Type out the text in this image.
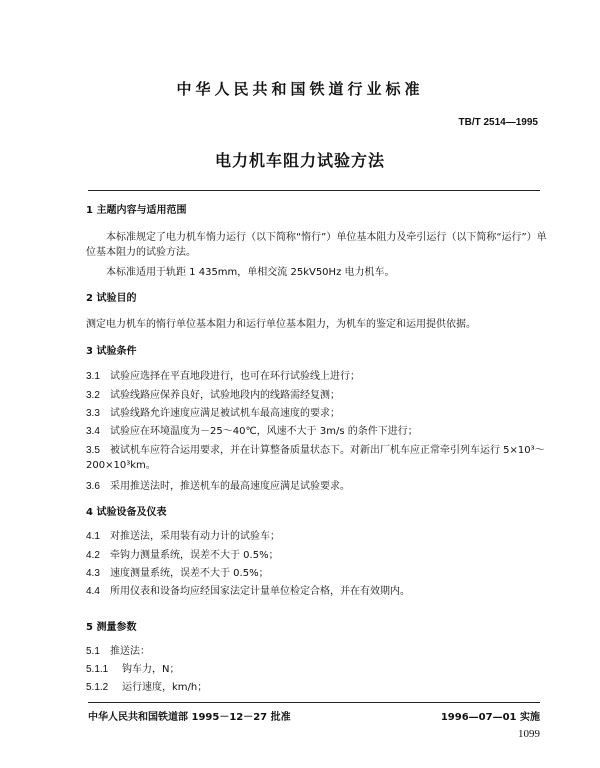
中华人民共和国铁道行业标准
TB/T 2514—1995
电力机车阻力试验方法
1 主题内容与适用范围
本标准规定了电力机车惰力运行（以下简称“惰行”）单位基本阻力及牵引运行（以下简称“运行”）单位基本阻力的试验方法。
本标准适用于轨距 1 435mm，单相交流 25kV50Hz 电力机车。
2 试验目的
测定电力机车的惰行单位基本阻力和运行单位基本阻力，为机车的鉴定和运用提供依据。
3 试验条件
3.1 试验应选择在平直地段进行，也可在环行试验线上进行；
3.2 试验线路应保养良好，试验地段内的线路需经复测；
3.3 试验线路允许速度应满足被试机车最高速度的要求；
3.4 试验应在环境温度为－25～40℃，风速不大于 3m/s 的条件下进行；
3.5 被试机车应符合运用要求，并在计算整备质量状态下。对新出厂机车应正常牵引列车运行 5×10³～200×10³km。
3.6 采用推送法时，推送机车的最高速度应满足试验要求。
4 试验设备及仪表
4.1 对推送法，采用装有动力计的试验车；
4.2 牵钩力测量系统，误差不大于 0.5%；
4.3 速度测量系统，误差不大于 0.5%；
4.4 所用仪表和设备均应经国家法定计量单位检定合格，并在有效期内。
5 测量参数
5.1 推送法：
5.1.1 钩车力，N；
5.1.2 运行速度，km/h；
中华人民共和国铁道部 1995－12－27 批准	1996—07—01 实施
1099
